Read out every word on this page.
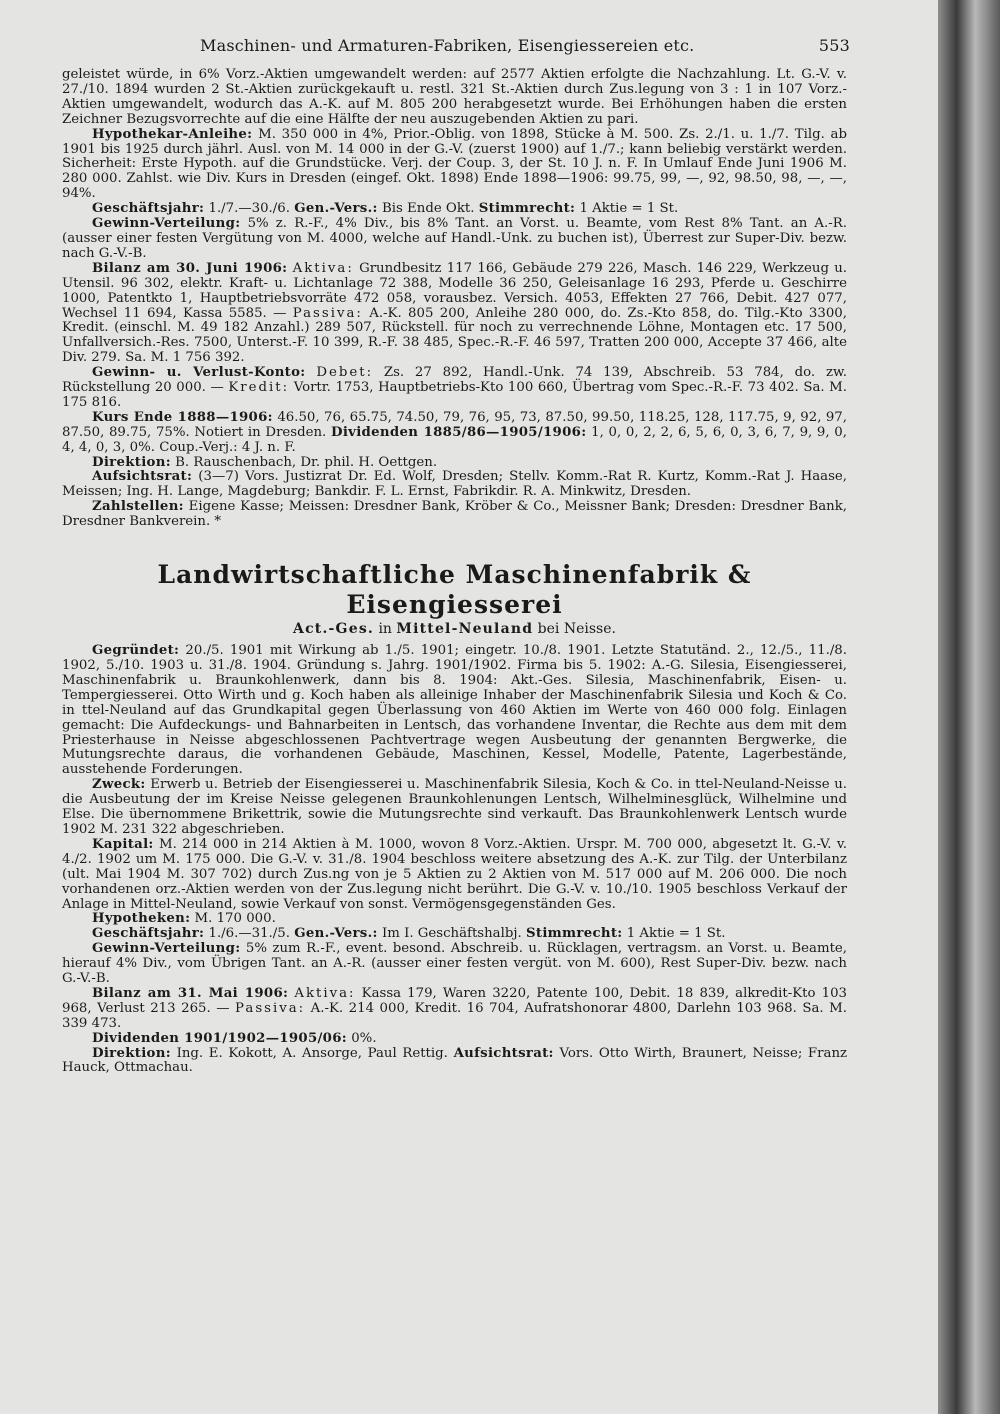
Maschinen- und Armaturen-Fabriken, Eisengiessereien etc.	553

geleistet würde, in 6% Vorz.-Aktien umgewandelt werden: auf 2577 Aktien erfolgte die Nachzahlung. Lt. G.-V. v. 27./10. 1894 wurden 2 St.-Aktien zurückgekauft u. restl. 321 St.-Aktien durch Zus.legung von 3 : 1 in 107 Vorz.-Aktien umgewandelt, wodurch das A.-K. auf M. 805 200 herabgesetzt wurde. Bei Erhöhungen haben die ersten Zeichner Bezugsvorrechte auf die eine Hälfte der neu auszugebenden Aktien zu pari.

Hypothekar-Anleihe: M. 350 000 in 4%, Prior.-Oblig. von 1898, Stücke à M. 500. Zs. 2./1. u. 1./7. Tilg. ab 1901 bis 1925 durch jährl. Ausl. von M. 14 000 in der G.-V. (zuerst 1900) auf 1./7.; kann beliebig verstärkt werden. Sicherheit: Erste Hypoth. auf die Grundstücke. Verj. der Coup. 3, der St. 10 J. n. F. In Umlauf Ende Juni 1906 M. 280 000. Zahlst. wie Div. Kurs in Dresden (eingef. Okt. 1898) Ende 1898—1906: 99.75, 99, —, 92, 98.50, 98, —, —, 94%.

Geschäftsjahr: 1./7.—30./6. Gen.-Vers.: Bis Ende Okt. Stimmrecht: 1 Aktie = 1 St.

Gewinn-Verteilung: 5% z. R.-F., 4% Div., bis 8% Tant. an Vorst. u. Beamte, vom Rest 8% Tant. an A.-R. (ausser einer festen Vergütung von M. 4000, welche auf Handl.-Unk. zu buchen ist), Überrest zur Super-Div. bezw. nach G.-V.-B.

Bilanz am 30. Juni 1906: Aktiva: Grundbesitz 117 166, Gebäude 279 226, Masch. 146 229, Werkzeug u. Utensil. 96 302, elektr. Kraft- u. Lichtanlage 72 388, Modelle 36 250, Geleisanlage 16 293, Pferde u. Geschirre 1000, Patentkto 1, Hauptbetriebsvorräte 472 058, vorausbez. Versich. 4053, Effekten 27 766, Debit. 427 077, Wechsel 11 694, Kassa 5585. — Passiva: A.-K. 805 200, Anleihe 280 000, do. Zs.-Kto 858, do. Tilg.-Kto 3300, Kredit. (einschl. M. 49 182 Anzahl.) 289 507, Rückstell. für noch zu verrechnende Löhne, Montagen etc. 17 500, Unfallversich.-Res. 7500, Unterst.-F. 10 399, R.-F. 38 485, Spec.-R.-F. 46 597, Tratten 200 000, Accepte 37 466, alte Div. 279. Sa. M. 1 756 392.

Gewinn- u. Verlust-Konto: Debet: Zs. 27 892, Handl.-Unk. 74 139, Abschreib. 53 784, do. zw. Rückstellung 20 000. — Kredit: Vortr. 1753, Hauptbetriebs-Kto 100 660, Übertrag vom Spec.-R.-F. 73 402. Sa. M. 175 816.

Kurs Ende 1888—1906: 46.50, 76, 65.75, 74.50, 79, 76, 95, 73, 87.50, 99.50, 118.25, 128, 117.75, 9, 92, 97, 87.50, 89.75, 75%. Notiert in Dresden. Dividenden 1885/86—1905/1906: 1, 0, 0, 2, 2, 6, 5, 6, 0, 3, 6, 7, 9, 9, 0, 4, 4, 0, 3, 0%. Coup.-Verj.: 4 J. n. F.

Direktion: B. Rauschenbach, Dr. phil. H. Oettgen.

Aufsichtsrat: (3—7) Vors. Justizrat Dr. Ed. Wolf, Dresden; Stellv. Komm.-Rat R. Kurtz, Komm.-Rat J. Haase, Meissen; Ing. H. Lange, Magdeburg; Bankdir. F. L. Ernst, Fabrikdir. R. A. Minkwitz, Dresden.

Zahlstellen: Eigene Kasse; Meissen: Dresdner Bank, Kröber & Co., Meissner Bank; Dresden: Dresdner Bank, Dresdner Bankverein. *

Landwirtschaftliche Maschinenfabrik & Eisengiesserei
Act.-Ges. in Mittel-Neuland bei Neisse.

Gegründet: 20./5. 1901 mit Wirkung ab 1./5. 1901; eingetr. 10./8. 1901. Letzte Statutänd. 2., 12./5., 11./8. 1902, 5./10. 1903 u. 31./8. 1904. Gründung s. Jahrg. 1901/1902. Firma bis 5. 1902: A.-G. Silesia, Eisengiesserei, Maschinenfabrik u. Braunkohlenwerk, dann bis 8. 1904: Akt.-Ges. Silesia, Maschinenfabrik, Eisen- u. Tempergiesserei. Otto Wirth und g. Koch haben als alleinige Inhaber der Maschinenfabrik Silesia und Koch & Co. in ttel-Neuland auf das Grundkapital gegen Überlassung von 460 Aktien im Werte von 460 000 folg. Einlagen gemacht: Die Aufdeckungs- und Bahnarbeiten in Lentsch, das vorhandene Inventar, die Rechte aus dem mit dem Priesterhause in Neisse abgeschlossenen Pachtvertrage wegen Ausbeutung der genannten Bergwerke, die Mutungsrechte daraus, die vorhandenen Gebäude, Maschinen, Kessel, Modelle, Patente, Lagerbestände, ausstehende Forderungen.

Zweck: Erwerb u. Betrieb der Eisengiesserei u. Maschinenfabrik Silesia, Koch & Co. in ttel-Neuland-Neisse u. die Ausbeutung der im Kreise Neisse gelegenen Braunkohlenungen Lentsch, Wilhelminesglück, Wilhelmine und Else. Die übernommene Brikettrik, sowie die Mutungsrechte sind verkauft. Das Braunkohlenwerk Lentsch wurde 1902 M. 231 322 abgeschrieben.

Kapital: M. 214 000 in 214 Aktien à M. 1000, wovon 8 Vorz.-Aktien. Urspr. M. 700 000, abgesetzt lt. G.-V. v. 4./2. 1902 um M. 175 000. Die G.-V. v. 31./8. 1904 beschloss weitere absetzung des A.-K. zur Tilg. der Unterbilanz (ult. Mai 1904 M. 307 702) durch Zus.ng von je 5 Aktien zu 2 Aktien von M. 517 000 auf M. 206 000. Die noch vorhandenen orz.-Aktien werden von der Zus.legung nicht berührt. Die G.-V. v. 10./10. 1905 beschloss Verkauf der Anlage in Mittel-Neuland, sowie Verkauf von sonst. Vermögensgegenständen Ges.

Hypotheken: M. 170 000.

Geschäftsjahr: 1./6.—31./5. Gen.-Vers.: Im I. Geschäftshalbj. Stimmrecht: 1 Aktie = 1 St.

Gewinn-Verteilung: 5% zum R.-F., event. besond. Abschreib. u. Rücklagen, vertragsm. an Vorst. u. Beamte, hierauf 4% Div., vom Übrigen Tant. an A.-R. (ausser einer festen vergüt. von M. 600), Rest Super-Div. bezw. nach G.-V.-B.

Bilanz am 31. Mai 1906: Aktiva: Kassa 179, Waren 3220, Patente 100, Debit. 18 839, alkredit-Kto 103 968, Verlust 213 265. — Passiva: A.-K. 214 000, Kredit. 16 704, Aufratshonorar 4800, Darlehn 103 968. Sa. M. 339 473.

Dividenden 1901/1902—1905/06: 0%.

Direktion: Ing. E. Kokott, A. Ansorge, Paul Rettig. Aufsichtsrat: Vors. Otto Wirth, Braunert, Neisse; Franz Hauck, Ottmachau.
